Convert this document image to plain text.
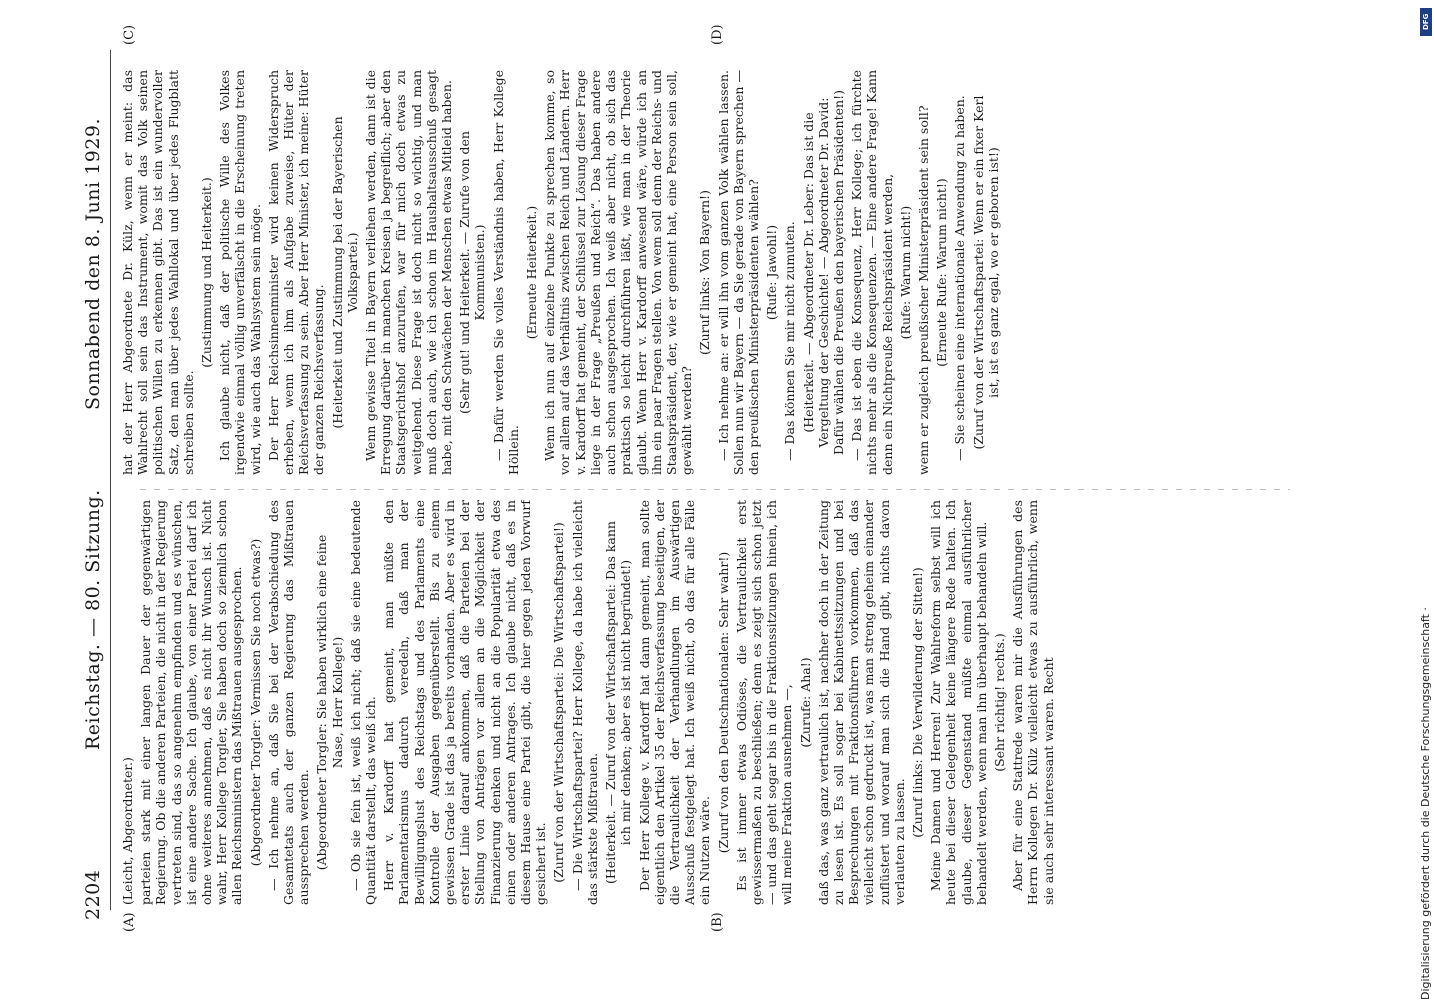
2204
Reichstag. — 80. Sitzung.
Sonnabend den 8. Juni 1929.
(A)	(B)
(C)	(D)

(Leicht, Abgeordneter.) parteien stark mit einer langen Dauer der gegenwärtigen Regierung. Ob die anderen Parteien, die nicht in der Regierung vertreten sind, das so angenehm empfinden und es wünschen, ist eine andere Sache. Ich glaube, von einer Partei darf ich ohne weiteres annehmen, daß es nicht ihr Wunsch ist. Nicht wahr, Herr Kollege Torgler, Sie haben doch so ziemlich schon allen Reichsministern das Mißtrauen ausgesprochen. (Abgeordneter Torgler: Vermissen Sie noch etwas?) — Ich nehme an, daß Sie bei der Verabschiedung des Gesamtetats auch der ganzen Regierung das Mißtrauen aussprechen werden. (Abgeordneter Torgler: Sie haben wirklich eine feine Nase, Herr Kollege!) — Ob sie fein ist, weiß ich nicht; daß sie eine bedeutende Quantität darstellt, das weiß ich. Herr v. Kardorff hat gemeint, man müßte den Parlamentarismus dadurch veredeln, daß man der Bewilligungslust des Reichstags und des Parlaments eine Kontrolle der Ausgaben gegenüberstellt. Bis zu einem gewissen Grade ist das ja bereits vorhanden. Aber es wird in erster Linie darauf ankommen, daß die Parteien bei der Stellung von Anträgen vor allem an die Möglichkeit der Finanzierung denken und nicht an die Popularität etwa des einen oder anderen Antrages. Ich glaube nicht, daß es in diesem Hause eine Partei gibt, die hier gegen jeden Vorwurf gesichert ist. (Zuruf von der Wirtschaftspartei: Die Wirtschaftspartei!) — Die Wirtschaftspartei? Herr Kollege, da habe ich vielleicht das stärkste Mißtrauen. (Heiterkeit. — Zuruf von der Wirtschaftspartei: Das kann ich mir denken; aber es ist nicht begründet!) Der Herr Kollege v. Kardorff hat dann gemeint, man sollte eigentlich den Artikel 35 der Reichsverfassung beseitigen, der die Vertraulichkeit der Verhandlungen im Auswärtigen Ausschuß festgelegt hat. Ich weiß nicht, ob das für alle Fälle ein Nutzen wäre. (Zuruf von den Deutschnationalen: Sehr wahr!) Es ist immer etwas Odiöses, die Vertraulichkeit erst gewissermaßen zu beschließen; denn es zeigt sich schon jetzt — und das geht sogar bis in die Fraktionssitzungen hinein, ich will meine Fraktion ausnehmen —, (Zurufe: Aha!) daß das, was ganz vertraulich ist, nachher doch in der Zeitung zu lesen ist. Es soll sogar bei Kabinettssitzungen und bei Besprechungen mit Fraktionsführern vorkommen, daß das vielleicht schon gedruckt ist, was man streng geheim einander zuflüstert und worauf man sich die Hand gibt, nichts davon verlauten zu lassen.

(Zuruf links: Die Verwilderung der Sitten!) Meine Damen und Herren! Zur Wahlreform selbst will ich heute bei dieser Gelegenheit keine längere Rede halten. Ich glaube, dieser Gegenstand müßte einmal ausführlicher behandelt werden, wenn man ihn überhaupt behandeln will. (Sehr richtig! rechts.) Aber für eine Stattrede waren mir die Ausführungen des Herrn Kollegen Dr. Külz vielleicht etwas zu ausführlich, wenn sie auch sehr interessant waren. Recht

hat der Herr Abgeordnete Dr. Külz, wenn er meint: das Wahlrecht soll sein das Instrument, womit das Volk seinen politischen Willen zu erkennen gibt. Das ist ein wundervoller Satz, den man über jedes Wahllokal und über jedes Flugblatt schreiben sollte.

(Zustimmung und Heiterkeit.) Ich glaube nicht, daß der politische Wille des Volkes irgendwie einmal völlig unverfälscht in die Erscheinung treten wird, wie auch das Wahlsystem sein möge. Der Herr Reichsinnenminister wird keinen Widerspruch erheben, wenn ich ihm als Aufgabe zuweise, Hüter der Reichsverfassung zu sein. Aber Herr Minister, ich meine: Hüter der ganzen Reichsverfassung. (Heiterkeit und Zustimmung bei der Bayerischen Volkspartei.) Wenn gewisse Titel in Bayern verliehen werden, dann ist die Erregung darüber in manchen Kreisen ja begreiflich; aber den Staatsgerichtshof anzurufen, war für mich doch etwas zu weitgehend. Diese Frage ist doch nicht so wichtig, und man muß doch auch, wie ich schon im Haushaltsausschuß gesagt habe, mit den Schwächen der Menschen etwas Mitleid haben. (Sehr gut! und Heiterkeit. — Zurufe von den Kommunisten.) — Dafür werden Sie volles Verständnis haben, Herr Kollege Höllein.

(Erneute Heiterkeit.) Wenn ich nun auf einzelne Punkte zu sprechen komme, so vor allem auf das Verhältnis zwischen Reich und Ländern. Herr v. Kardorff hat gemeint, der Schlüssel zur Lösung dieser Frage liege in der Frage „Preußen und Reich“. Das haben andere auch schon ausgesprochen. Ich weiß aber nicht, ob sich das praktisch so leicht durchführen läßt, wie man in der Theorie glaubt. Wenn Herr v. Kardorff anwesend wäre, würde ich an ihn ein paar Fragen stellen. Von wem soll denn der Reichs- und Staatspräsident, der, wie er gemeint hat, eine Person sein soll, gewählt werden?

(Zuruf links: Von Bayern!) — Ich nehme an: er will ihn vom ganzen Volk wählen lassen. Sollen nun wir Bayern — da Sie gerade von Bayern sprechen — den preußischen Ministerpräsidenten wählen? (Rufe: Jawohl!) — Das können Sie mir nicht zumuten. (Heiterkeit. — Abgeordneter Dr. Leber: Das ist die Vergeltung der Geschichte! — Abgeordneter Dr. David: Dafür wählen die Preußen den bayerischen Präsidenten!) — Das ist eben die Konsequenz, Herr Kollege; ich fürchte nichts mehr als die Konsequenzen. — Eine andere Frage! Kann denn ein Nichtpreuße Reichspräsident werden, (Rufe: Warum nicht!) wenn er zugleich preußischer Ministerpräsident sein soll? (Erneute Rufe: Warum nicht!) — Sie scheinen eine internationale Anwendung zu haben. (Zuruf von der Wirtschaftspartei: Wenn er ein fixer Kerl ist, ist es ganz egal, wo er geboren ist!)

Digitalisierung gefördert durch die Deutsche Forschungsgemeinschaft ·
DFG
